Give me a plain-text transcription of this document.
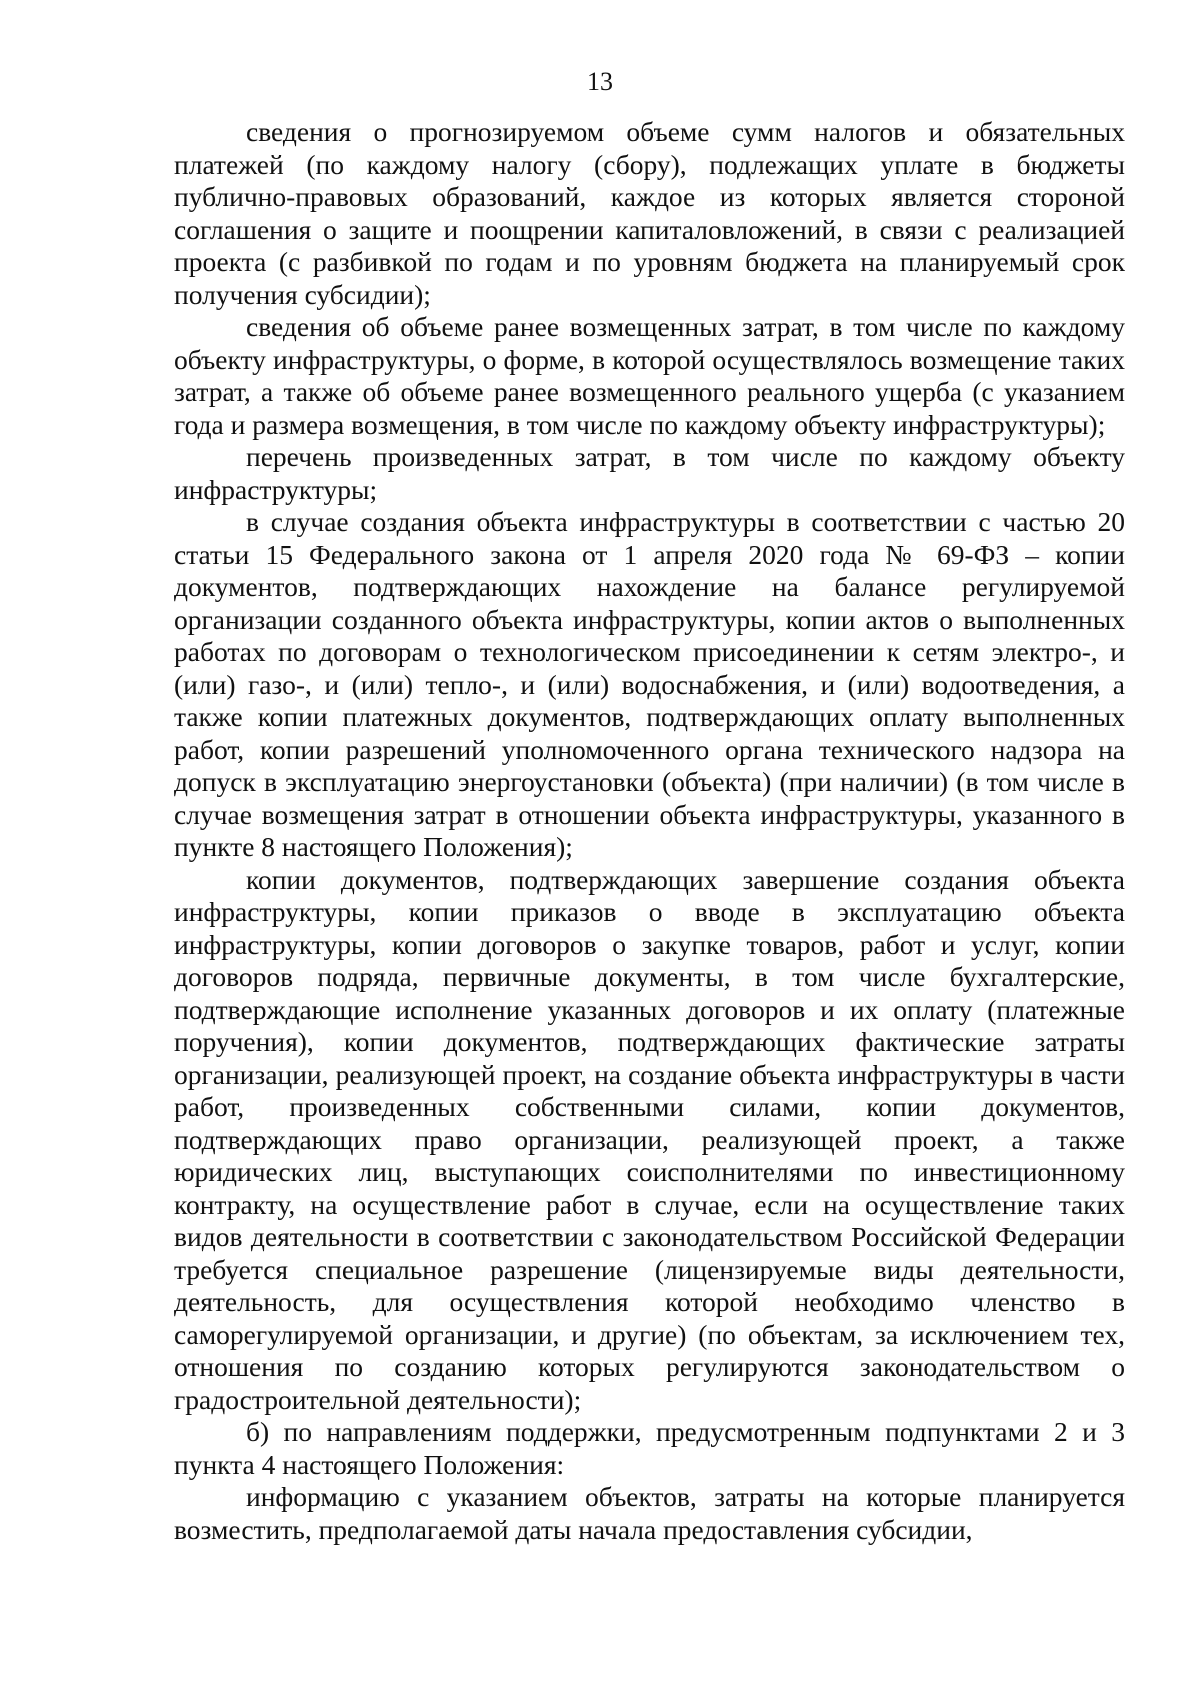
13

сведения о прогнозируемом объеме сумм налогов и обязательных платежей (по каждому налогу (сбору), подлежащих уплате в бюджеты публично-правовых образований, каждое из которых является стороной соглашения о защите и поощрении капиталовложений, в связи с реализацией проекта (с разбивкой по годам и по уровням бюджета на планируемый срок получения субсидии);

сведения об объеме ранее возмещенных затрат, в том числе по каждому объекту инфраструктуры, о форме, в которой осуществлялось возмещение таких затрат, а также об объеме ранее возмещенного реального ущерба (с указанием года и размера возмещения, в том числе по каждому объекту инфраструктуры);

перечень произведенных затрат, в том числе по каждому объекту инфраструктуры;

в случае создания объекта инфраструктуры в соответствии с частью 20 статьи 15 Федерального закона от 1 апреля 2020 года № 69-ФЗ – копии документов, подтверждающих нахождение на балансе регулируемой организации созданного объекта инфраструктуры, копии актов о выполненных работах по договорам о технологическом присоединении к сетям электро-, и (или) газо-, и (или) тепло-, и (или) водоснабжения, и (или) водоотведения, а также копии платежных документов, подтверждающих оплату выполненных работ, копии разрешений уполномоченного органа технического надзора на допуск в эксплуатацию энергоустановки (объекта) (при наличии) (в том числе в случае возмещения затрат в отношении объекта инфраструктуры, указанного в пункте 8 настоящего Положения);

копии документов, подтверждающих завершение создания объекта инфраструктуры, копии приказов о вводе в эксплуатацию объекта инфраструктуры, копии договоров о закупке товаров, работ и услуг, копии договоров подряда, первичные документы, в том числе бухгалтерские, подтверждающие исполнение указанных договоров и их оплату (платежные поручения), копии документов, подтверждающих фактические затраты организации, реализующей проект, на создание объекта инфраструктуры в части работ, произведенных собственными силами, копии документов, подтверждающих право организации, реализующей проект, а также юридических лиц, выступающих соисполнителями по инвестиционному контракту, на осуществление работ в случае, если на осуществление таких видов деятельности в соответствии с законодательством Российской Федерации требуется специальное разрешение (лицензируемые виды деятельности, деятельность, для осуществления которой необходимо членство в саморегулируемой организации, и другие) (по объектам, за исключением тех, отношения по созданию которых регулируются законодательством о градостроительной деятельности);

б) по направлениям поддержки, предусмотренным подпунктами 2 и 3 пункта 4 настоящего Положения:

информацию с указанием объектов, затраты на которые планируется возместить, предполагаемой даты начала предоставления субсидии,
